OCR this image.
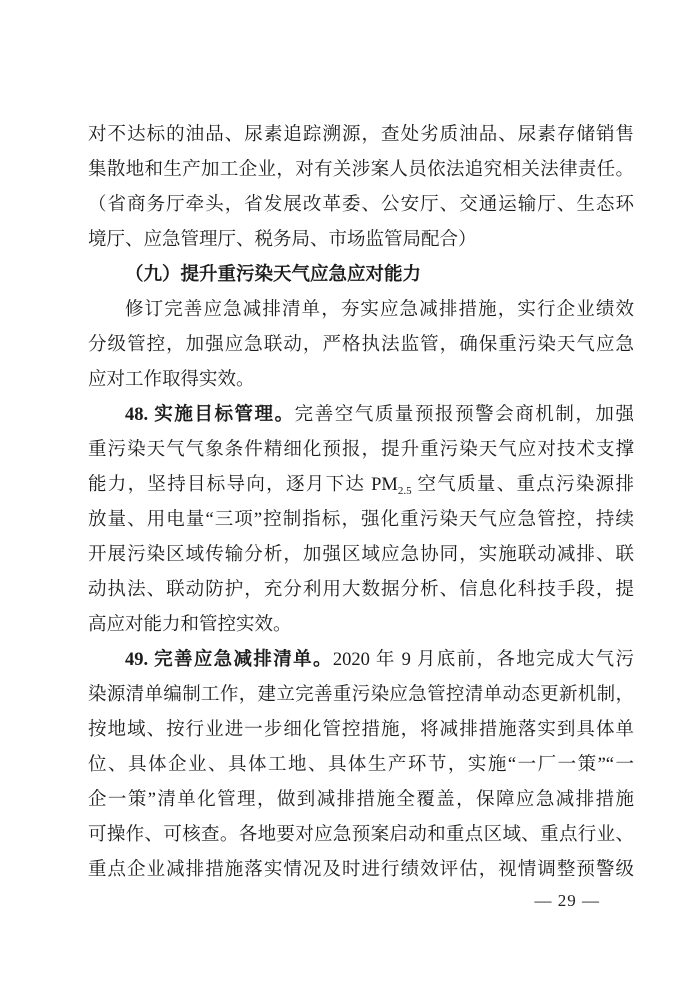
对不达标的油品、尿素追踪溯源，查处劣质油品、尿素存储销售
集散地和生产加工企业，对有关涉案人员依法追究相关法律责任。
（省商务厅牵头，省发展改革委、公安厅、交通运输厅、生态环
境厅、应急管理厅、税务局、市场监管局配合）
（九）提升重污染天气应急应对能力
修订完善应急减排清单，夯实应急减排措施，实行企业绩效
分级管控，加强应急联动，严格执法监管，确保重污染天气应急
应对工作取得实效。
48. 实施目标管理。完善空气质量预报预警会商机制，加强
重污染天气气象条件精细化预报，提升重污染天气应对技术支撑
能力，坚持目标导向，逐月下达 $PM_{2.5}$ 空气质量、重点污染源排
放量、用电量“三项”控制指标，强化重污染天气应急管控，持续
开展污染区域传输分析，加强区域应急协同，实施联动减排、联
动执法、联动防护，充分利用大数据分析、信息化科技手段，提
高应对能力和管控实效。
49. 完善应急减排清单。2020 年 9 月底前，各地完成大气污
染源清单编制工作，建立完善重污染应急管控清单动态更新机制，
按地域、按行业进一步细化管控措施，将减排措施落实到具体单
位、具体企业、具体工地、具体生产环节，实施“一厂一策”“一
企一策”清单化管理，做到减排措施全覆盖，保障应急减排措施
可操作、可核查。各地要对应急预案启动和重点区域、重点行业、
重点企业减排措施落实情况及时进行绩效评估，视情调整预警级
— 29 —
